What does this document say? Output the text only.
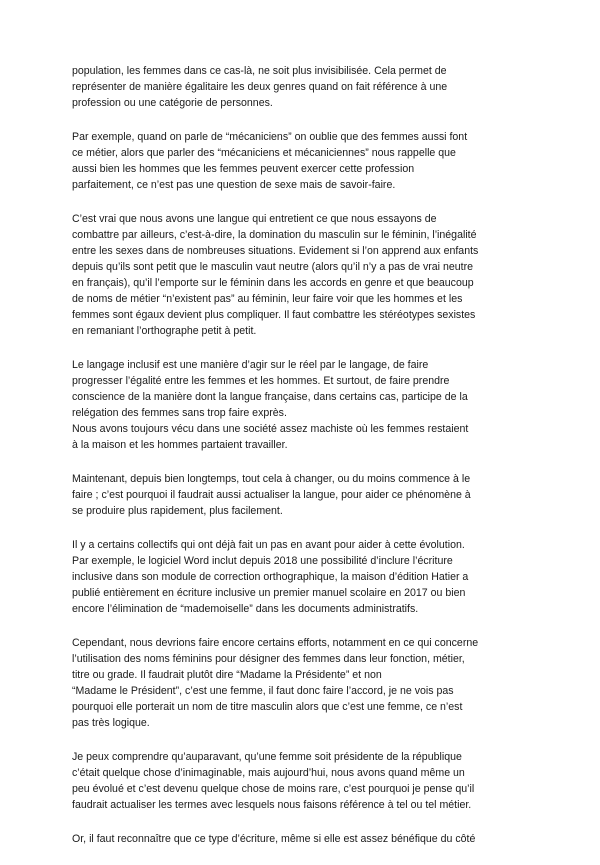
population, les femmes dans ce cas-là, ne soit plus invisibilisée. Cela permet de
représenter de manière égalitaire les deux genres quand on fait référence à une
profession ou une catégorie de personnes.
Par exemple, quand on parle de “mécaniciens” on oublie que des femmes aussi font
ce métier, alors que parler des “mécaniciens et mécaniciennes” nous rappelle que
aussi bien les hommes que les femmes peuvent exercer cette profession
parfaitement, ce n’est pas une question de sexe mais de savoir-faire.
C’est vrai que nous avons une langue qui entretient ce que nous essayons de
combattre par ailleurs, c’est-à-dire, la domination du masculin sur le féminin, l’inégalité
entre les sexes dans de nombreuses situations. Evidement si l’on apprend aux enfants
depuis qu’ils sont petit que le masculin vaut neutre (alors qu’il n’y a pas de vrai neutre
en français), qu’il l’emporte sur le féminin dans les accords en genre et que beaucoup
de noms de métier “n’existent pas” au féminin, leur faire voir que les hommes et les
femmes sont égaux devient plus compliquer. Il faut combattre les stéréotypes sexistes
en remaniant l’orthographe petit à petit.
Le langage inclusif est une manière d’agir sur le réel par le langage, de faire
progresser l’égalité entre les femmes et les hommes. Et surtout, de faire prendre
conscience de la manière dont la langue française, dans certains cas, participe de la
relégation des femmes sans trop faire exprès.
Nous avons toujours vécu dans une société assez machiste où les femmes restaient
à la maison et les hommes partaient travailler.
Maintenant, depuis bien longtemps, tout cela à changer, ou du moins commence à le
faire ; c’est pourquoi il faudrait aussi actualiser la langue, pour aider ce phénomène à
se produire plus rapidement, plus facilement.
Il y a certains collectifs qui ont déjà fait un pas en avant pour aider à cette évolution.
Par exemple, le logiciel Word inclut depuis 2018 une possibilité d’inclure l’écriture
inclusive dans son module de correction orthographique, la maison d’édition Hatier a
publié entièrement en écriture inclusive un premier manuel scolaire en 2017 ou bien
encore l’élimination de “mademoiselle” dans les documents administratifs.
Cependant, nous devrions faire encore certains efforts, notamment en ce qui concerne
l’utilisation des noms féminins pour désigner des femmes dans leur fonction, métier,
titre ou grade. Il faudrait plutôt dire “Madame la Présidente” et non
“Madame le Président”, c’est une femme, il faut donc faire l’accord, je ne vois pas
pourquoi elle porterait un nom de titre masculin alors que c’est une femme, ce n’est
pas très logique.
Je peux comprendre qu’auparavant, qu’une femme soit présidente de la république
c’était quelque chose d’inimaginable, mais aujourd’hui, nous avons quand même un
peu évolué et c’est devenu quelque chose de moins rare, c’est pourquoi je pense qu’il
faudrait actualiser les termes avec lesquels nous faisons référence à tel ou tel métier.
Or, il faut reconnaître que ce type d’écriture, même si elle est assez bénéfique du côté
